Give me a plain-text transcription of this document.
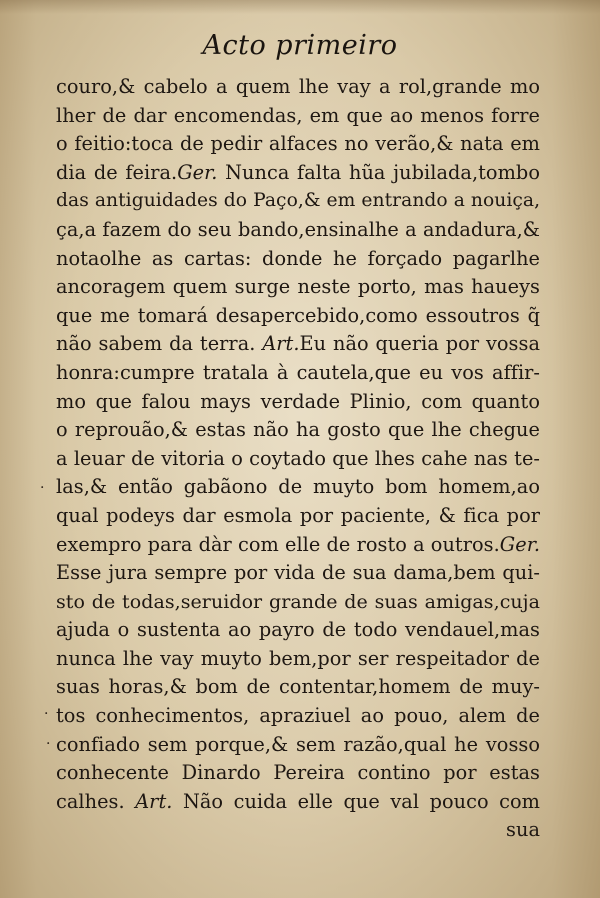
Acto primeiro
·
·
·
couro,& cabelo a quem lhe vay a rol,grande mo
lher de dar encomendas, em que ao menos forre
o feitio:toca de pedir alfaces no verão,& nata em
dia de feira.Ger. Nunca falta hũa jubilada,tombo
das antiguidades do Paço,& em entrando a nouiça,
ça,a fazem do seu bando,ensinalhe a andadura,&
notaolhe as cartas: donde he forçado pagarlhe
ancoragem quem surge neste porto, mas haueys
que me tomará desapercebido,como essoutros q̃
não sabem da terra. Art.Eu não queria por vossa
honra:cumpre tratala à cautela,que eu vos affir-
mo que falou mays verdade Plinio, com quanto
o reprouão,& estas não ha gosto que lhe chegue
a leuar de vitoria o coytado que lhes cahe nas te-
las,& então gabãono de muyto bom homem,ao
qual podeys dar esmola por paciente, & fica por
exempro para dàr com elle de rosto a outros.Ger.
Esse jura sempre por vida de sua dama,bem qui-
sto de todas,seruidor grande de suas amigas,cuja
ajuda o sustenta ao payro de todo vendauel,mas
nunca lhe vay muyto bem,por ser respeitador de
suas horas,& bom de contentar,homem de muy-
tos conhecimentos, apraziuel ao pouo, alem de
confiado sem porque,& sem razão,qual he vosso
conhecente Dinardo Pereira contino por estas
calhes. Art. Não cuida elle que val pouco com
sua
